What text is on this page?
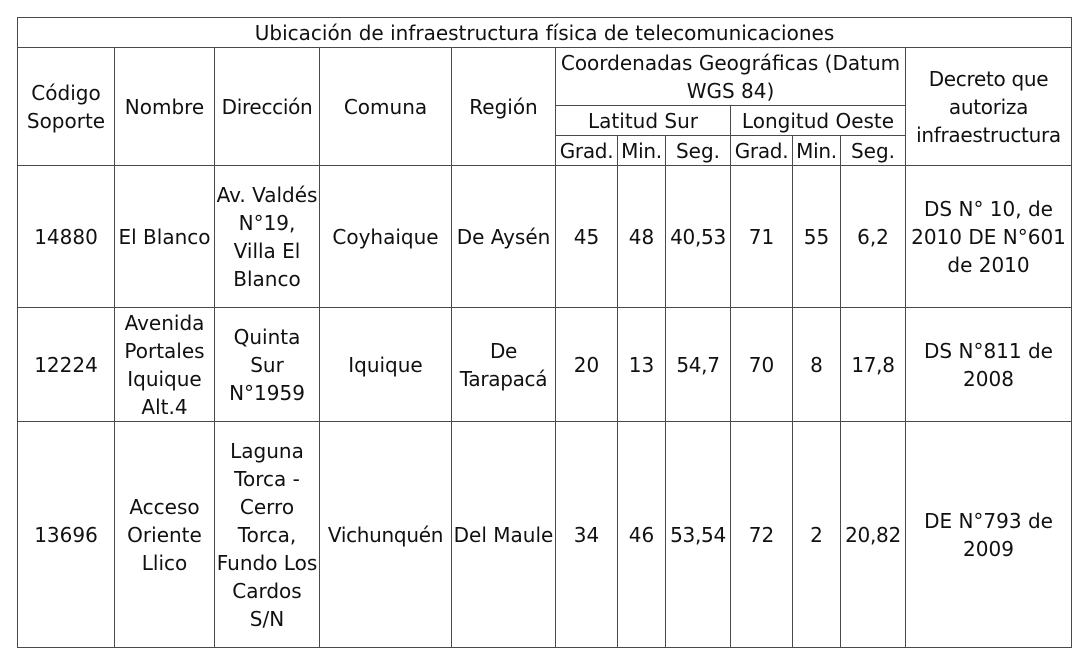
Ubicación de infraestructura física de telecomunicaciones											
Código Soporte	Nombre	Dirección	Comuna	Región	Coordenadas Geográficas (Datum WGS 84)						Decreto que autoriza infraestructura
					Latitud Sur			Longitud Oeste			
					Grad.	Min.	Seg.	Grad.	Min.	Seg.	
14880	El Blanco	Av. Valdés N°19, Villa El Blanco	Coyhaique	De Aysén	45	48	40,53	71	55	6,2	DS N° 10, de 2010 DE N°601 de 2010
12224	Avenida Portales Iquique Alt.4	Quinta Sur N°1959	Iquique	De Tarapacá	20	13	54,7	70	8	17,8	DS N°811 de 2008
13696	Acceso Oriente Llico	Laguna Torca - Cerro Torca, Fundo Los Cardos S/N	Vichunquén	Del Maule	34	46	53,54	72	2	20,82	DE N°793 de 2009
